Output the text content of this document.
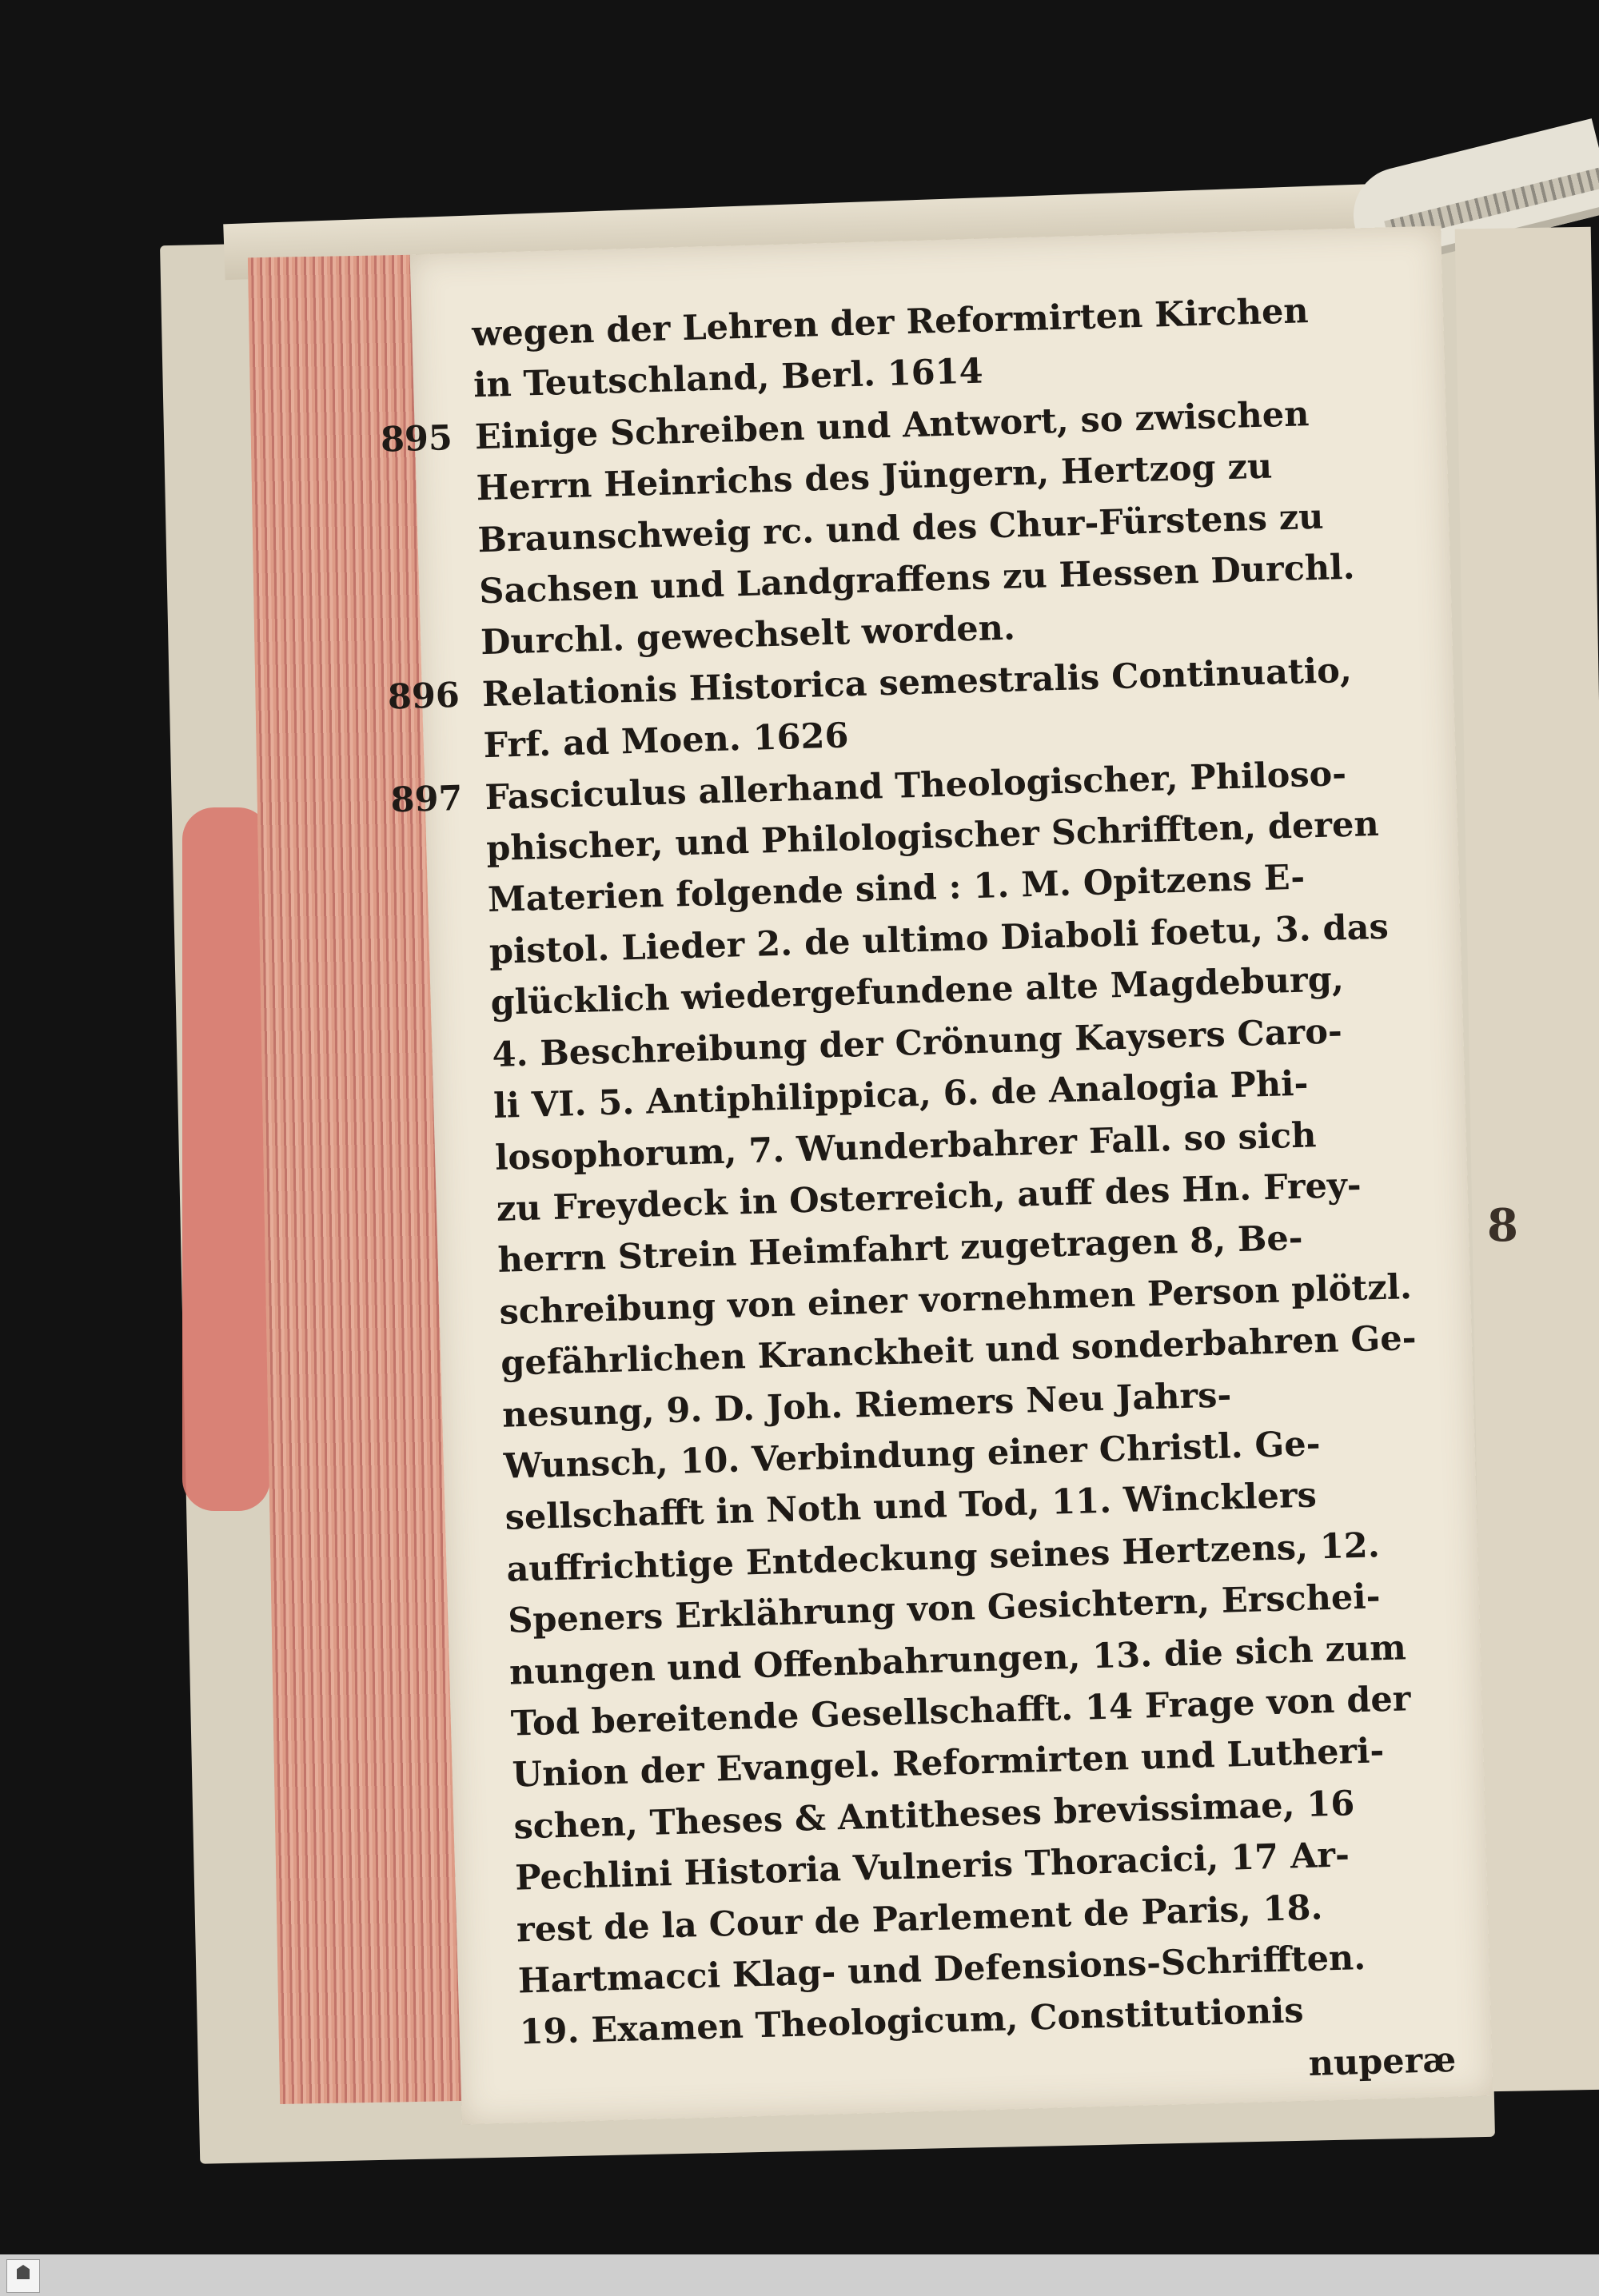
8
wegen der Lehren der Reformirten Kirchen
in Teutschland, Berl. 1614
895 Einige Schreiben und Antwort, so zwischen
Herrn Heinrichs des Jüngern, Hertzog zu
Braunschweig rc. und des Chur-Fürstens zu
Sachsen und Landgraffens zu Hessen Durchl.
Durchl. gewechselt worden.
896 Relationis Historica semestralis Continuatio,
Frf. ad Moen. 1626
897 Fasciculus allerhand Theologischer, Philoso-
phischer, und Philologischer Schrifften, deren
Materien folgende sind : 1. M. Opitzens E-
pistol. Lieder 2. de ultimo Diaboli foetu, 3. das
glücklich wiedergefundene alte Magdeburg,
4. Beschreibung der Crönung Kaysers Caro-
li VI. 5. Antiphilippica, 6. de Analogia Phi-
losophorum, 7. Wunderbahrer Fall. so sich
zu Freydeck in Osterreich, auff des Hn. Frey-
herrn Strein Heimfahrt zugetragen 8, Be-
schreibung von einer vornehmen Person plötzl.
gefährlichen Kranckheit und sonderbahren Ge-
nesung, 9. D. Joh. Riemers Neu Jahrs-
Wunsch, 10. Verbindung einer Christl. Ge-
sellschafft in Noth und Tod, 11. Wincklers
auffrichtige Entdeckung seines Hertzens, 12.
Speners Erklährung von Gesichtern, Erschei-
nungen und Offenbahrungen, 13. die sich zum
Tod bereitende Gesellschafft. 14 Frage von der
Union der Evangel. Reformirten und Lutheri-
schen, Theses & Antitheses brevissimae, 16
Pechlini Historia Vulneris Thoracici, 17 Ar-
rest de la Cour de Parlement de Paris, 18.
Hartmacci Klag- und Defensions-Schrifften.
19. Examen Theologicum, Constitutionis
nuperæ
